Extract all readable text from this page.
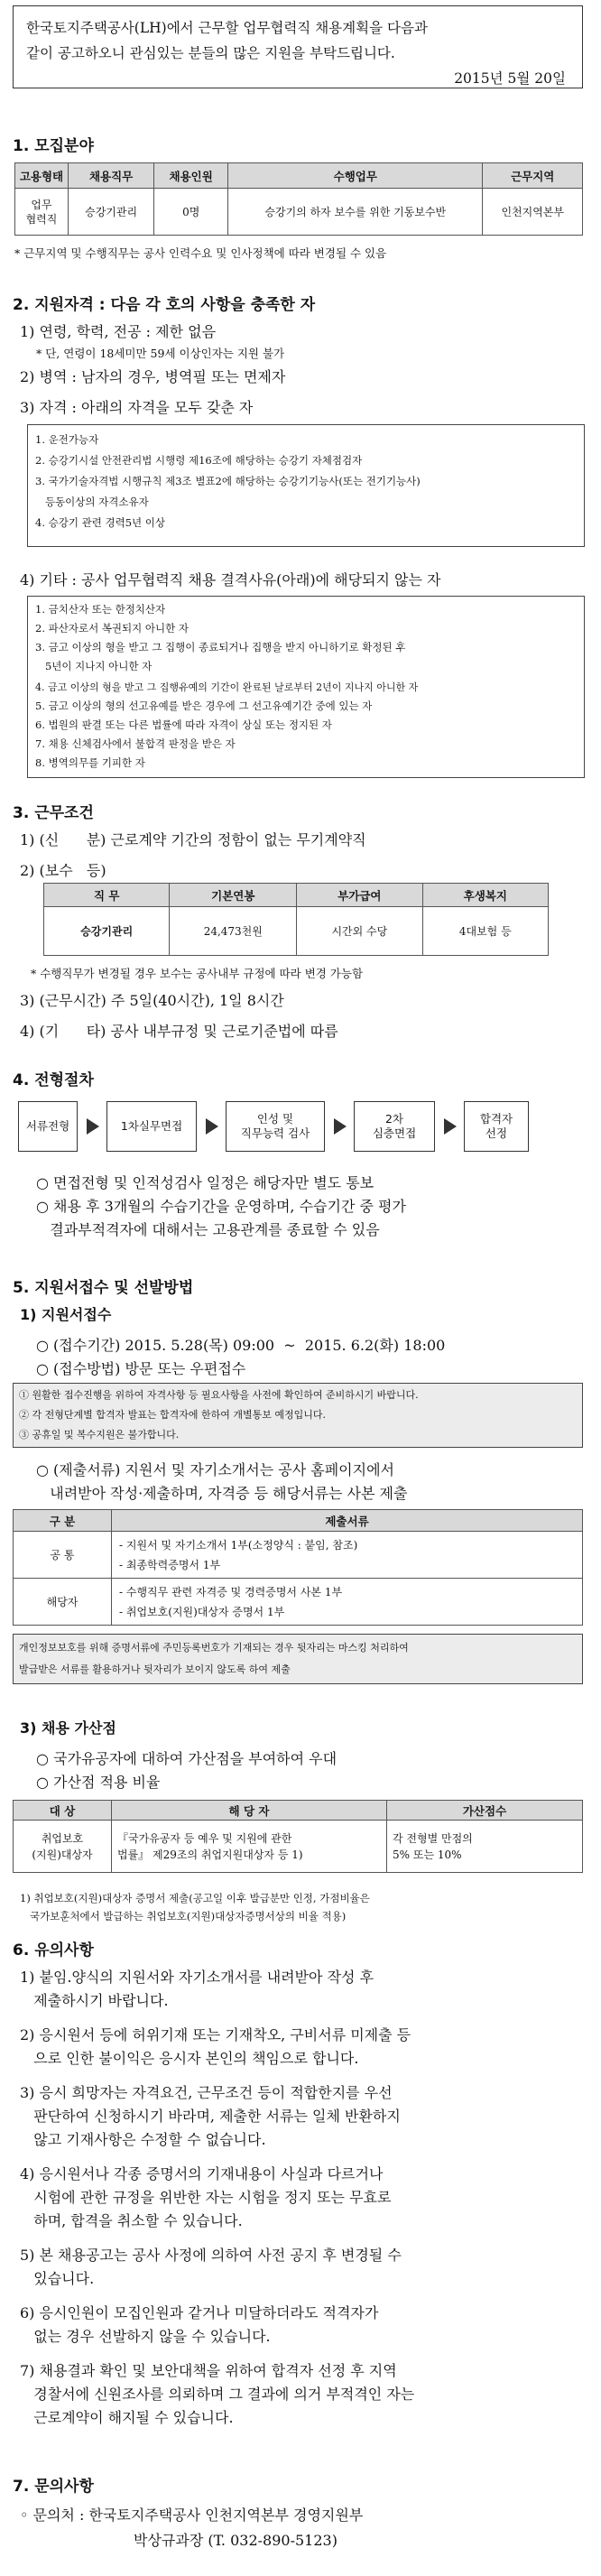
한국토지주택공사(LH)에서 근무할 업무협력직 채용계획을 다음과
같이 공고하오니 관심있는 분들의 많은 지원을 부탁드립니다.
2015년 5월 20일
1. 모집분야
고용형태	채용직무	채용인원	수행업무	근무지역
업무
협력직	승강기관리	0명	승강기의 하자 보수를 위한 기동보수반	인천지역본부
* 근무지역 및 수행직무는 공사 인력수요 및 인사정책에 따라 변경될 수 있음
2. 지원자격 : 다음 각 호의 사항을 충족한 자
1) 연령, 학력, 전공 : 제한 없음
* 단, 연령이 18세미만 59세 이상인자는 지원 불가
2) 병역 : 남자의 경우, 병역필 또는 면제자
3) 자격 : 아래의 자격을 모두 갖춘 자
1. 운전가능자
2. 승강기시설 안전관리법 시행령 제16조에 해당하는 승강기 자체점검자
3. 국가기술자격법 시행규칙 제3조 별표2에 해당하는 승강기기능사(또는 전기기능사)
등동이상의 자격소유자
4. 승강기 관련 경력5년 이상
4) 기타 : 공사 업무협력직 채용 결격사유(아래)에 해당되지 않는 자
1. 금치산자 또는 한정치산자
2. 파산자로서 복권되지 아니한 자
3. 금고 이상의 형을 받고 그 집행이 종료되거나 집행을 받지 아니하기로 확정된 후
5년이 지나지 아니한 자
4. 금고 이상의 형을 받고 그 집행유예의 기간이 완료된 날로부터 2년이 지나지 아니한 자
5. 금고 이상의 형의 선고유예를 받은 경우에 그 선고유예기간 중에 있는 자
6. 법원의 판결 또는 다른 법률에 따라 자격이 상실 또는 정지된 자
7. 채용 신체검사에서 불합격 판정을 받은 자
8. 병역의무를 기피한 자
3. 근무조건
1) (신      분) 근로계약 기간의 정함이 없는 무기계약직
2) (보수   등)
직 무	기본연봉	부가급여	후생복지
승강기관리	24,473천원	시간외 수당	4대보험 등
* 수행직무가 변경될 경우 보수는 공사내부 규정에 따라 변경 가능함
3) (근무시간) 주 5일(40시간), 1일 8시간
4) (기      타) 공사 내부규정 및 근로기준법에 따름
4. 전형절차
서류전형	1차실무면접
인성 및
직무능력 검사
2차
심층면접
합격자
선정
○ 면접전형 및 인적성검사 일정은 해당자만 별도 통보
○ 채용 후 3개월의 수습기간을 운영하며, 수습기간 중 평가
결과부적격자에 대해서는 고용관계를 종료할 수 있음
5. 지원서접수 및 선발방법
1) 지원서접수
○ (접수기간) 2015. 5.28(목) 09:00  ~  2015. 6.2(화) 18:00
○ (접수방법) 방문 또는 우편접수
① 원활한 접수진행을 위하여 자격사항 등 필요사항을 사전에 확인하여 준비하시기 바랍니다.
② 각 전형단계별 합격자 발표는 합격자에 한하여 개별통보 예정입니다.
③ 공휴일 및 복수지원은 불가합니다.
○ (제출서류) 지원서 및 자기소개서는 공사 홈페이지에서
내려받아 작성·제출하며, 자격증 등 해당서류는 사본 제출
구 분	제출서류
공 통	- 지원서 및 자기소개서 1부(소정양식 : 붙임, 참조)
- 최종학력증명서 1부

해당자	- 수행직무 관련 자격증 및 경력증명서 사본 1부
- 취업보호(지원)대상자 증명서 1부
개인정보보호를 위해 증명서류에 주민등록번호가 기재되는 경우 뒷자리는 마스킹 처리하여
발급받은 서류를 활용하거나 뒷자리가 보이지 않도록 하여 제출
3) 채용 가산점
○ 국가유공자에 대하여 가산점을 부여하여 우대
○ 가산점 적용 비율
대 상	해 당 자	가산점수
취업보호
(지원)대상자	『국가유공자 등 예우 및 지원에 관한
법률』 제29조의 취업지원대상자 등 1)	각 전형별 만점의
5% 또는 10%
1) 취업보호(지원)대상자 증명서 제출(공고일 이후 발급분만 인정, 가점비율은
국가보훈처에서 발급하는 취업보호(지원)대상자증명서상의 비율 적용)
6. 유의사항
1) 붙임.양식의 지원서와 자기소개서를 내려받아 작성 후
제출하시기 바랍니다.
2) 응시원서 등에 허위기재 또는 기재착오, 구비서류 미제출 등
으로 인한 불이익은 응시자 본인의 책임으로 합니다.
3) 응시 희망자는 자격요건, 근무조건 등이 적합한지를 우선
판단하여 신청하시기 바라며, 제출한 서류는 일체 반환하지
않고 기재사항은 수정할 수 없습니다.
4) 응시원서나 각종 증명서의 기재내용이 사실과 다르거나
시험에 관한 규정을 위반한 자는 시험을 정지 또는 무효로
하며, 합격을 취소할 수 있습니다.
5) 본 채용공고는 공사 사정에 의하여 사전 공지 후 변경될 수
있습니다.
6) 응시인원이 모집인원과 같거나 미달하더라도 적격자가
없는 경우 선발하지 않을 수 있습니다.
7) 채용결과 확인 및 보안대책을 위하여 합격자 선정 후 지역
경찰서에 신원조사를 의뢰하며 그 결과에 의거 부적격인 자는
근로계약이 해지될 수 있습니다.
7. 문의사항
◦ 문의처 : 한국토지주택공사 인천지역본부 경영지원부
박상규과장 (T. 032-890-5123)
